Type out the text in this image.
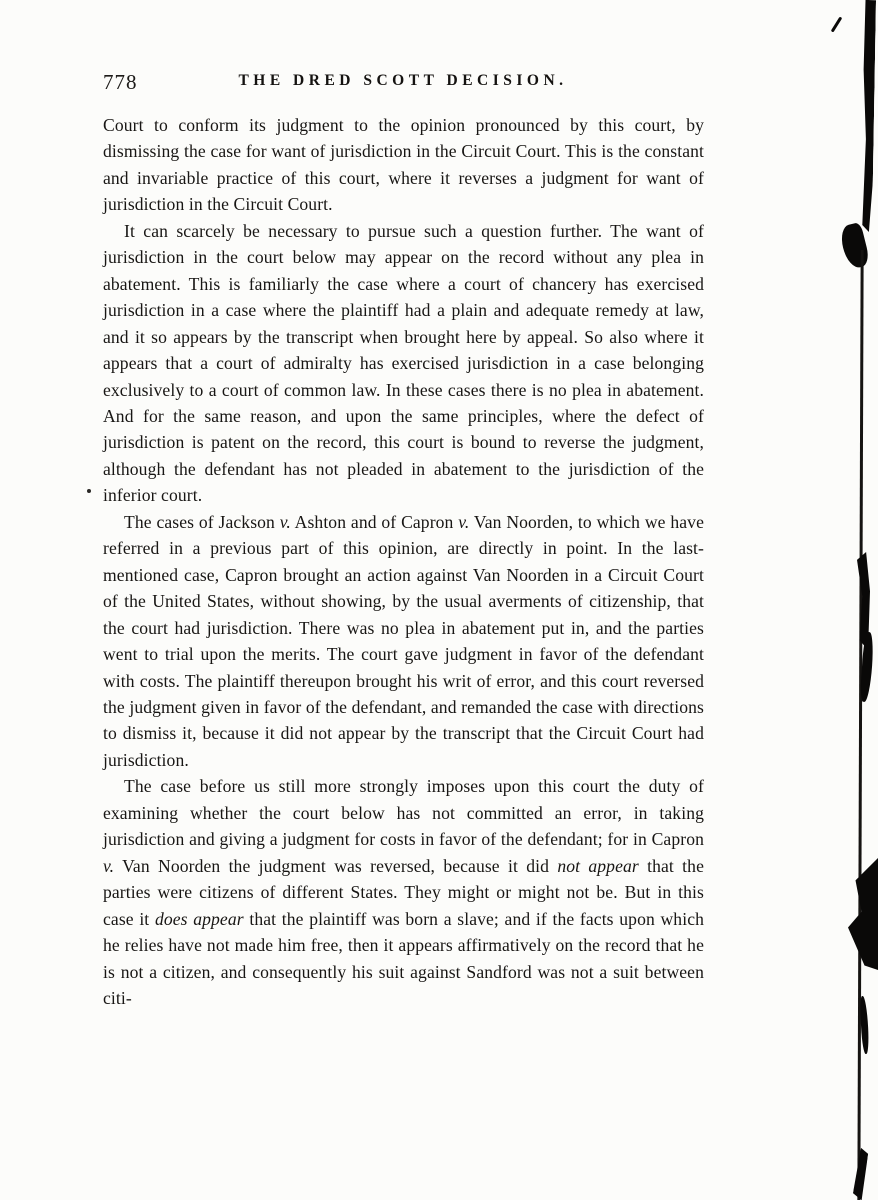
778	THE DRED SCOTT DECISION.

Court to conform its judgment to the opinion pronounced by this court, by dismissing the case for want of jurisdiction in the Circuit Court. This is the constant and invariable practice of this court, where it reverses a judgment for want of jurisdiction in the Circuit Court.

It can scarcely be necessary to pursue such a question further. The want of jurisdiction in the court below may appear on the record without any plea in abatement. This is familiarly the case where a court of chancery has exercised jurisdiction in a case where the plaintiff had a plain and adequate remedy at law, and it so appears by the transcript when brought here by appeal. So also where it appears that a court of admiralty has exercised jurisdiction in a case belonging exclusively to a court of common law. In these cases there is no plea in abatement. And for the same reason, and upon the same principles, where the defect of jurisdiction is patent on the record, this court is bound to reverse the judgment, although the defendant has not pleaded in abatement to the jurisdiction of the inferior court.

The cases of Jackson v. Ashton and of Capron v. Van Noorden, to which we have referred in a previous part of this opinion, are directly in point. In the last-mentioned case, Capron brought an action against Van Noorden in a Circuit Court of the United States, without showing, by the usual averments of citizenship, that the court had jurisdiction. There was no plea in abatement put in, and the parties went to trial upon the merits. The court gave judgment in favor of the defendant with costs. The plaintiff thereupon brought his writ of error, and this court reversed the judgment given in favor of the defendant, and remanded the case with directions to dismiss it, because it did not appear by the transcript that the Circuit Court had jurisdiction.

The case before us still more strongly imposes upon this court the duty of examining whether the court below has not committed an error, in taking jurisdiction and giving a judgment for costs in favor of the defendant; for in Capron v. Van Noorden the judgment was reversed, because it did not appear that the parties were citizens of different States. They might or might not be. But in this case it does appear that the plaintiff was born a slave; and if the facts upon which he relies have not made him free, then it appears affirmatively on the record that he is not a citizen, and consequently his suit against Sandford was not a suit between citi-
